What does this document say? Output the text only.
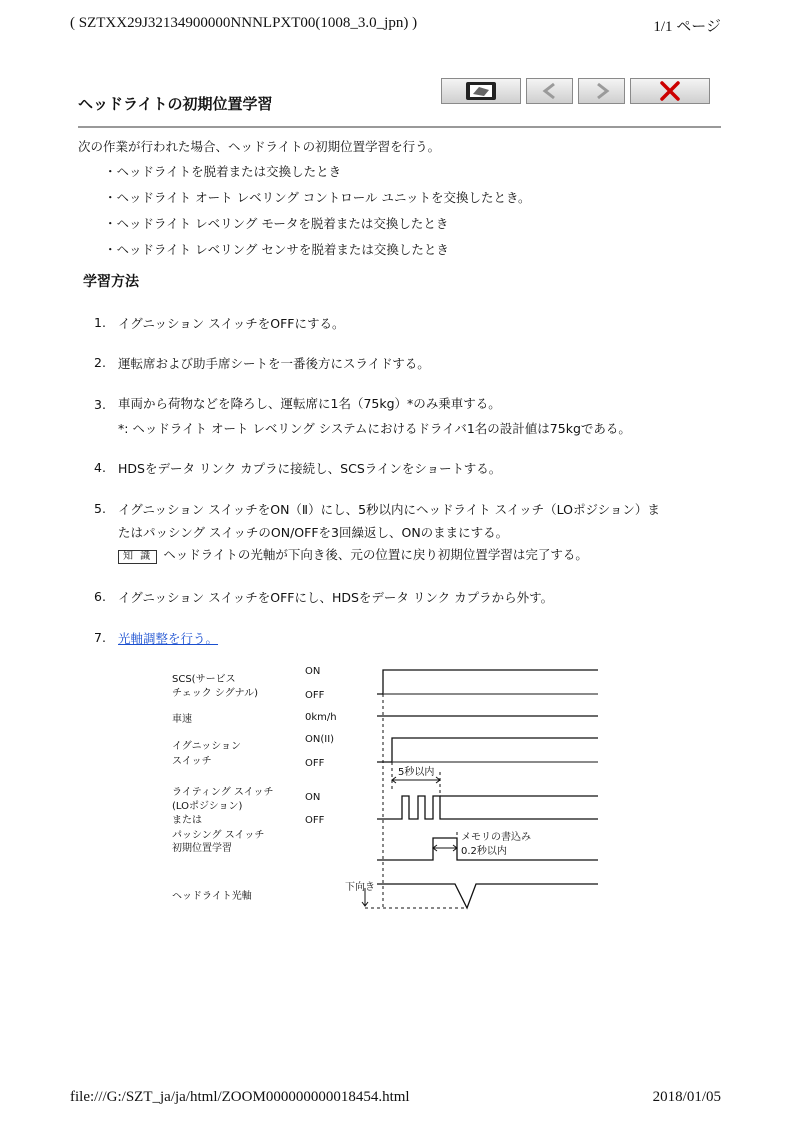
( SZTXX29J32134900000NNNLPXT00(1008_3.0_jpn) )	1/1 ページ
ヘッドライトの初期位置学習
次の作業が行われた場合、ヘッドライトの初期位置学習を行う。
・ヘッドライトを脱着または交換したとき
・ヘッドライト オート レベリング コントロール ユニットを交換したとき。
・ヘッドライト レベリング モータを脱着または交換したとき
・ヘッドライト レベリング センサを脱着または交換したとき
学習方法
1. イグニッション スイッチをOFFにする。
2. 運転席および助手席シートを一番後方にスライドする。
3. 車両から荷物などを降ろし、運転席に1名（75kg）*のみ乗車する。
*: ヘッドライト オート レベリング システムにおけるドライバ1名の設計値は75kgである。
4. HDSをデータ リンク カプラに接続し、SCSラインをショートする。
5. イグニッション スイッチをON（Ⅱ）にし、5秒以内にヘッドライト スイッチ（LOポジション）ま
たはパッシング スイッチのON/OFFを3回繰返し、ONのままにする。
知 識 ヘッドライトの光軸が下向き後、元の位置に戻り初期位置学習は完了する。
6. イグニッション スイッチをOFFにし、HDSをデータ リンク カプラから外す。
7. 光軸調整を行う。
SCS(サービス
チェック シグナル)
車速
イグニッション
スイッチ
ライティング スイッチ
(LOポジション)
または
パッシング スイッチ
初期位置学習
ヘッドライト光軸
ON
OFF
0km/h
ON(II)
OFF
ON
OFF
5秒以内
メモリの書込み
0.2秒以内
下向き
file:///G:/SZT_ja/ja/html/ZOOM000000000018454.html	2018/01/05
